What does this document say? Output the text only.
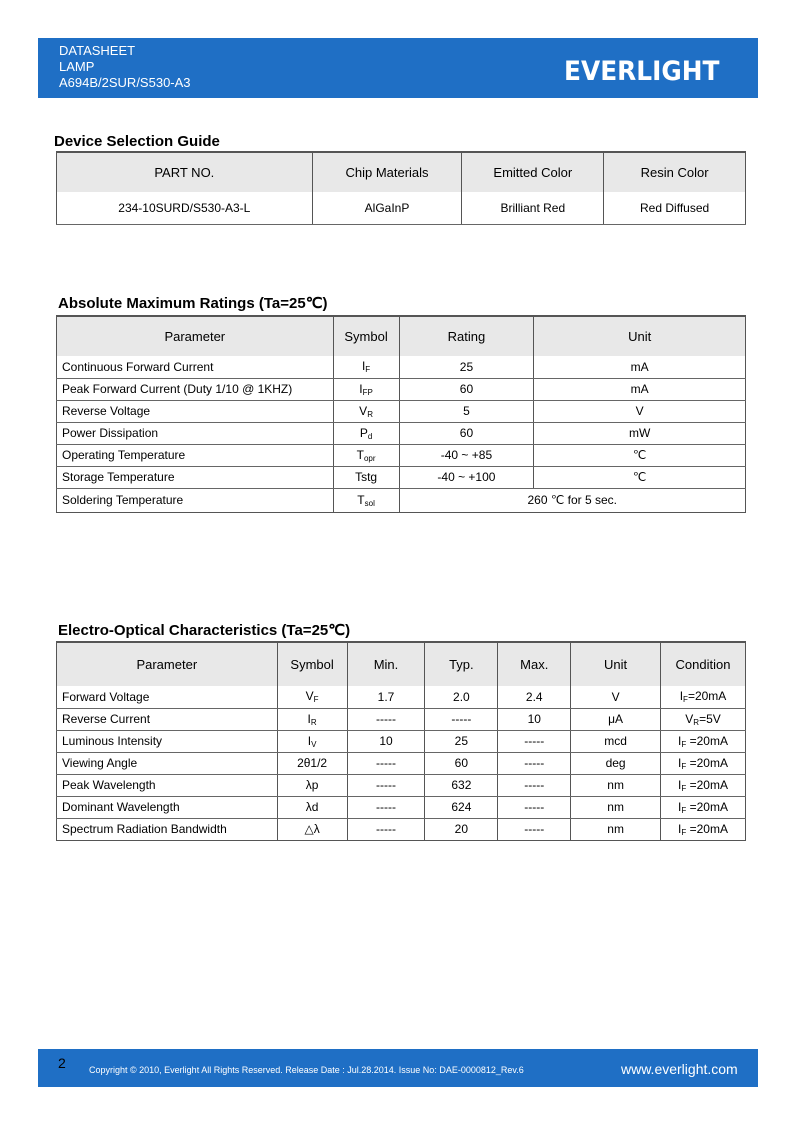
DATASHEET
LAMP
A694B/2SUR/S530-A3	EVERLIGHT
Device Selection Guide
PART NO.	Chip Materials	Emitted Color	Resin Color
234-10SURD/S530-A3-L	AlGaInP	Brilliant Red	Red Diffused
Absolute Maximum Ratings (Ta=25℃)
Parameter	Symbol	Rating	Unit
Continuous Forward Current	$I_F$	25	mA
Peak Forward Current (Duty 1/10 @ 1KHZ)	$I_{FP}$	60	mA
Reverse Voltage	$V_R$	5	V
Power Dissipation	$P_d$	60	mW
Operating Temperature	$T_{opr}$	-40 ~ +85	℃
Storage Temperature	Tstg	-40 ~ +100	℃
Soldering Temperature	$T_{sol}$	260 ℃ for 5 sec.	
Electro-Optical Characteristics (Ta=25℃)
Parameter	Symbol	Min.	Typ.	Max.	Unit	Condition
Forward Voltage	$V_F$	1.7	2.0	2.4	V	$I_F=20mA$
Reverse Current	$I_R$	-----	-----	10	μA	$V_R=5V$
Luminous Intensity	$I_V$	10	25	-----	mcd	$I_F =20mA$
Viewing Angle	2θ1/2	-----	60	-----	deg	$I_F =20mA$
Peak Wavelength	λp	-----	632	-----	nm	$I_F =20mA$
Dominant Wavelength	λd	-----	624	-----	nm	$I_F =20mA$
Spectrum Radiation Bandwidth	△λ	-----	20	-----	nm	$I_F =20mA$
2	Copyright © 2010, Everlight All Rights Reserved. Release Date : Jul.28.2014. Issue No: DAE-0000812_Rev.6	www.everlight.com
